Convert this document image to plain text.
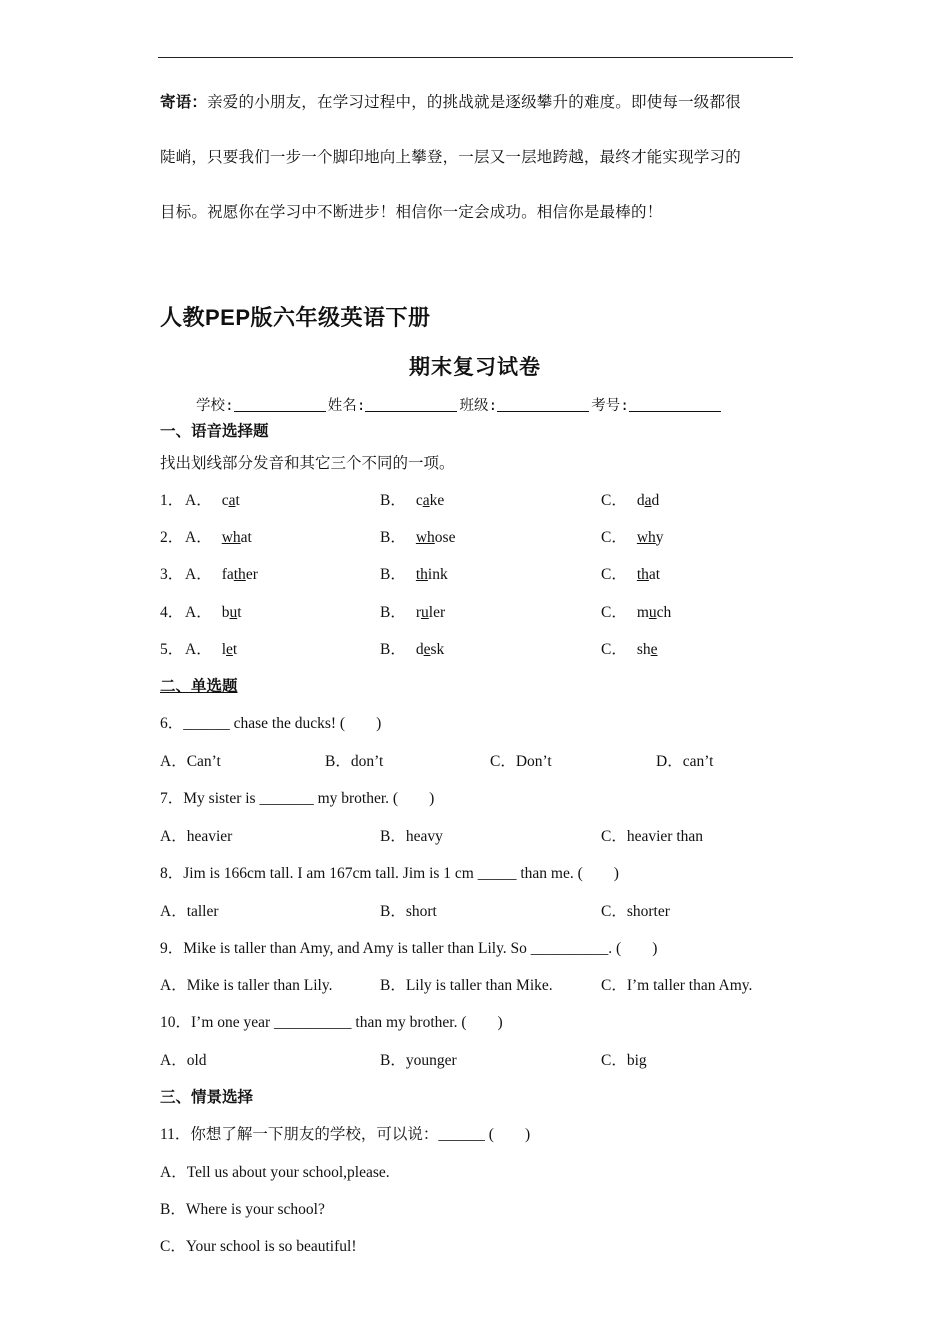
寄语：亲爱的小朋友，在学习过程中，的挑战就是逐级攀升的难度。即使每一级都很
陡峭，只要我们一步一个脚印地向上攀登，一层又一层地跨越，最终才能实现学习的
目标。祝愿你在学习中不断进步！相信你一定会成功。相信你是最棒的！
人教PEP版六年级英语下册
期末复习试卷
学校:	姓名:	班级:	考号:
一、语音选择题
找出划线部分发音和其它三个不同的一项。
1． A． cat	B． cake	C． dad
2． A． what	B． whose	C． why
3． A． father	B． think	C． that
4． A． but	B． ruler	C． much
5． A． let	B． desk	C． she
二、单选题
6．______ chase the ducks! (　　)
A．Can’t	B．don’t	C．Don’t	D．can’t
7．My sister is _______ my brother. (　　)
A．heavier	B．heavy	C．heavier than
8．Jim is 166cm tall. I am 167cm tall. Jim is 1 cm _____ than me. (　　)
A．taller	B．short	C．shorter
9．Mike is taller than Amy, and Amy is taller than Lily. So __________. (　　)
A．Mike is taller than Lily.	B．Lily is taller than Mike.	C．I’m taller than Amy.
10．I’m one year __________ than my brother. (　　)
A．old	B．younger	C．big
三、情景选择
11．你想了解一下朋友的学校，可以说：______ (　　)
A．Tell us about your school,please.
B．Where is your school?
C．Your school is so beautiful!
